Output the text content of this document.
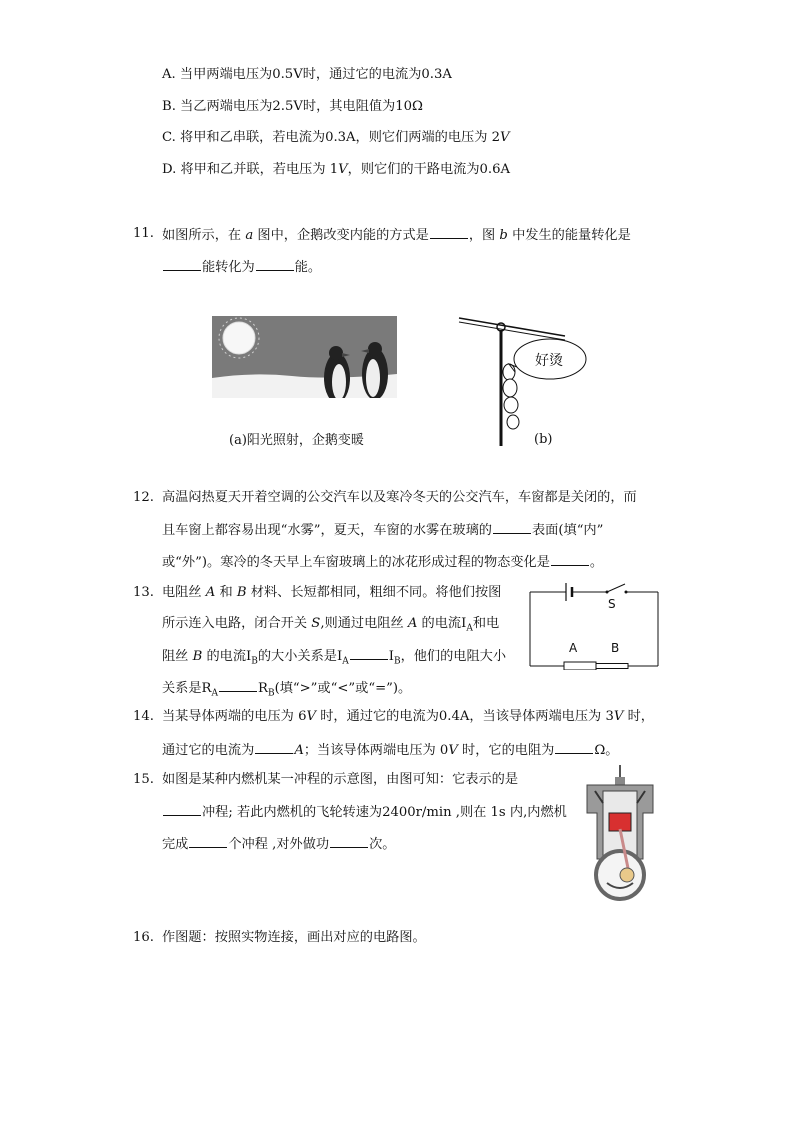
A. 当甲两端电压为0.5V时，通过它的电流为0.3A
B. 当乙两端电压为2.5V时，其电阻值为10Ω
C. 将甲和乙串联，若电流为0.3A，则它们两端的电压为 2V
D. 将甲和乙并联，若电压为 1V，则它们的干路电流为0.6A
11. 如图所示，在 a 图中，企鹅改变内能的方式是	，图 b 中发生的能量转化是
能转化为	能。
(a)阳光照射，企鹅变暖
好烫
(b)
12. 高温闷热夏天开着空调的公交汽车以及寒冷冬天的公交汽车，车窗都是关闭的，而
且车窗上都容易出现“水雾”，夏天，车窗的水雾在玻璃的	表面(填“内”
或“外”)。寒冷的冬天早上车窗玻璃上的冰花形成过程的物态变化是	。
13. 电阻丝 A 和 B 材料、长短都相同，粗细不同。将他们按图
所示连入电路，闭合开关 S,则通过电阻丝 A 的电流$I_A$和电
阻丝 B 的电流$I_B$的大小关系是$I_A$	$I_B$，他们的电阻大小
关系是$R_A$	$R_B$(填“>”或“<”或“=”)。
S
A	B
14. 当某导体两端的电压为 6V 时，通过它的电流为0.4A，当该导体两端电压为 3V 时，
通过它的电流为	A；当该导体两端电压为 0V 时，它的电阻为	Ω。
15. 如图是某种内燃机某一冲程的示意图，由图可知：它表示的是
冲程; 若此内燃机的飞轮转速为2400r/min ,则在 1s 内,内燃机
完成	个冲程 ,对外做功	次。
16. 作图题：按照实物连接，画出对应的电路图。
